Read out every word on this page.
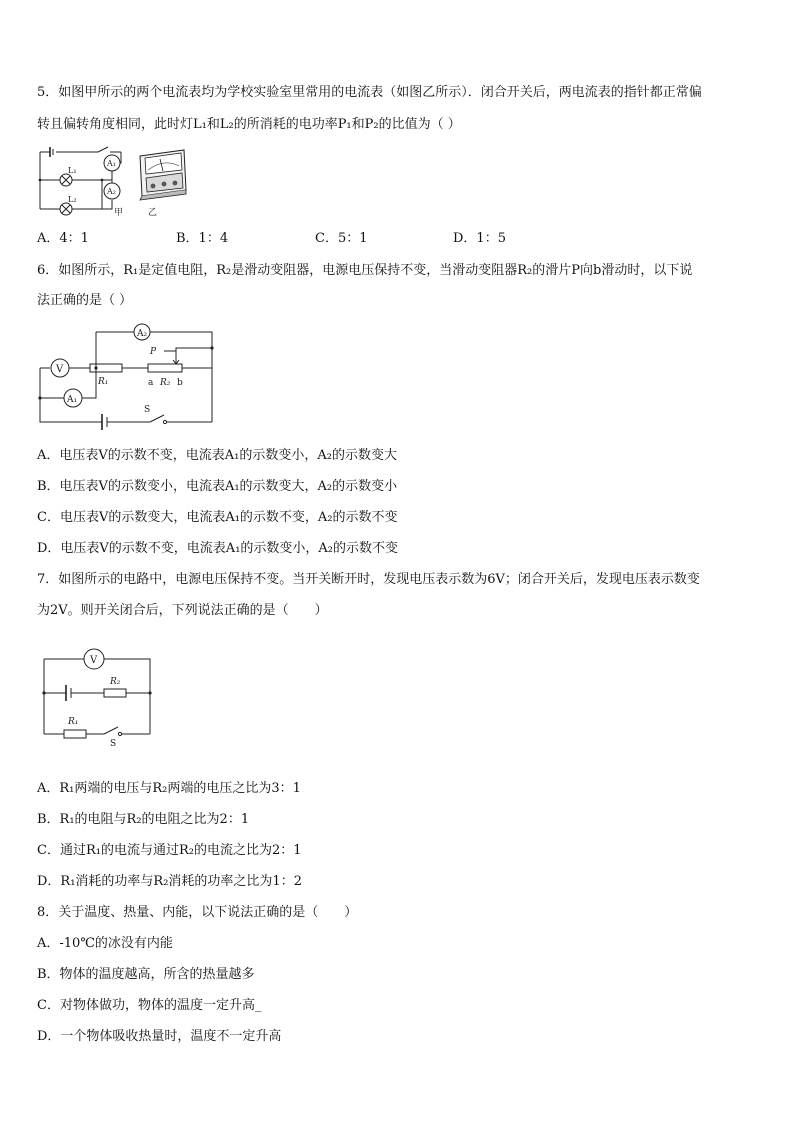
5．如图甲所示的两个电流表均为学校实验室里常用的电流表（如图乙所示）．闭合开关后，两电流表的指针都正常偏
转且偏转角度相同，此时灯L₁和L₂的所消耗的电功率P₁和P₂的比值为（ ）
L₁
L₂
A₁
A₂
甲	乙
A．4：1	B．1：4	C．5：1	D．1：5
6．如图所示，R₁是定值电阻，R₂是滑动变阻器，电源电压保持不变，当滑动变阻器R₂的滑片P向b滑动时，以下说
法正确的是（ ）
A₂
V
A₁
R₁
P
a R₂ b
S
A．电压表V的示数不变，电流表A₁的示数变小，A₂的示数变大
B．电压表V的示数变小，电流表A₁的示数变大，A₂的示数变小
C．电压表V的示数变大，电流表A₁的示数不变，A₂的示数不变
D．电压表V的示数不变，电流表A₁的示数变小，A₂的示数不变
7．如图所示的电路中，电源电压保持不变。当开关断开时，发现电压表示数为6V；闭合开关后，发现电压表示数变
为2V。则开关闭合后，下列说法正确的是（　　）
V
R₂
R₁
S
A．R₁两端的电压与R₂两端的电压之比为3：1
B．R₁的电阻与R₂的电阻之比为2：1
C．通过R₁的电流与通过R₂的电流之比为2：1
D．R₁消耗的功率与R₂消耗的功率之比为1：2
8．关于温度、热量、内能，以下说法正确的是（　　）
A．-10℃的冰没有内能
B．物体的温度越高，所含的热量越多
C．对物体做功，物体的温度一定升高_
D．一个物体吸收热量时，温度不一定升高
